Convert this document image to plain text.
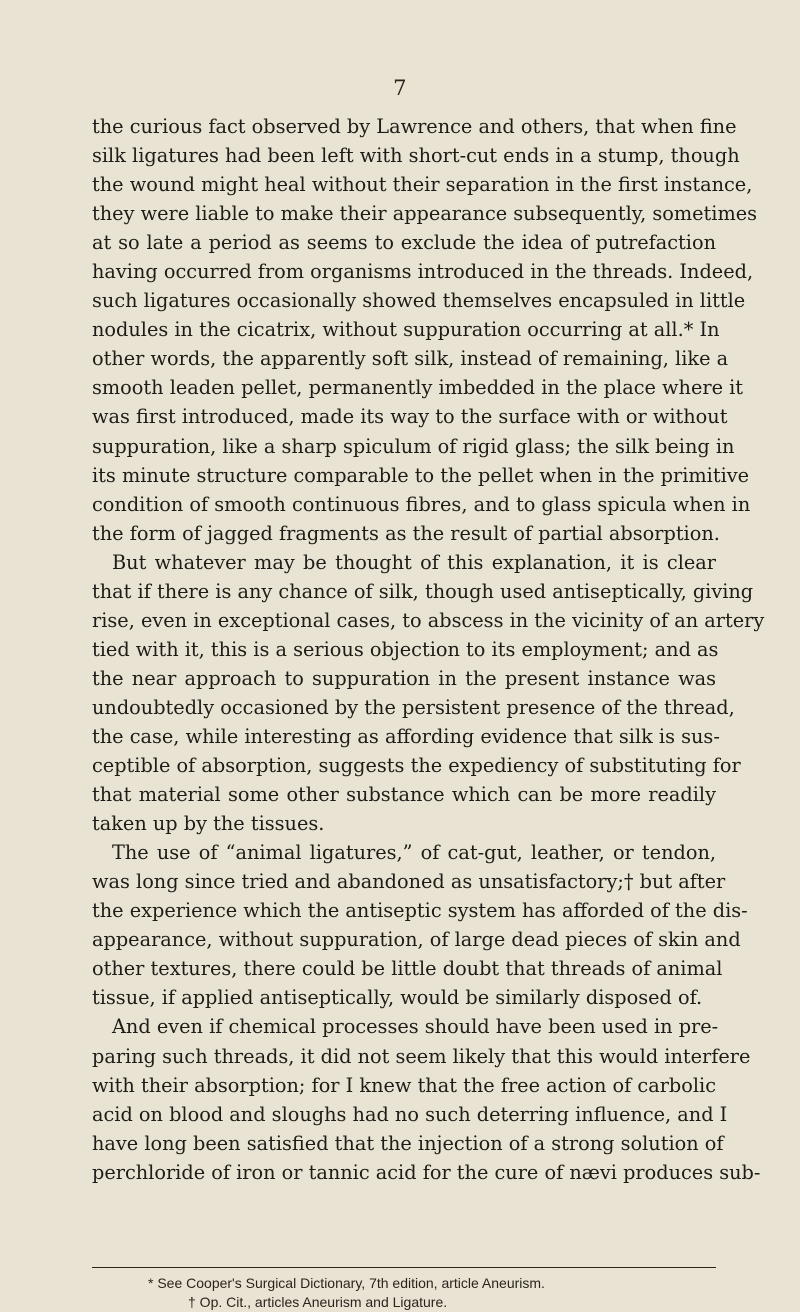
7
the curious fact observed by Lawrence and others, that when fine
silk ligatures had been left with short-cut ends in a stump, though
the wound might heal without their separation in the first instance,
they were liable to make their appearance subsequently, sometimes
at so late a period as seems to exclude the idea of putrefaction
having occurred from organisms introduced in the threads. Indeed,
such ligatures occasionally showed themselves encapsuled in little
nodules in the cicatrix, without suppuration occurring at all.* In
other words, the apparently soft silk, instead of remaining, like a
smooth leaden pellet, permanently imbedded in the place where it
was first introduced, made its way to the surface with or without
suppuration, like a sharp spiculum of rigid glass; the silk being in
its minute structure comparable to the pellet when in the primitive
condition of smooth continuous fibres, and to glass spicula when in
the form of jagged fragments as the result of partial absorption.
But whatever may be thought of this explanation, it is clear
that if there is any chance of silk, though used antiseptically, giving
rise, even in exceptional cases, to abscess in the vicinity of an artery
tied with it, this is a serious objection to its employment; and as
the near approach to suppuration in the present instance was
undoubtedly occasioned by the persistent presence of the thread,
the case, while interesting as affording evidence that silk is sus-
ceptible of absorption, suggests the expediency of substituting for
that material some other substance which can be more readily
taken up by the tissues.
The use of “animal ligatures,” of cat-gut, leather, or tendon,
was long since tried and abandoned as unsatisfactory;† but after
the experience which the antiseptic system has afforded of the dis-
appearance, without suppuration, of large dead pieces of skin and
other textures, there could be little doubt that threads of animal
tissue, if applied antiseptically, would be similarly disposed of.
And even if chemical processes should have been used in pre-
paring such threads, it did not seem likely that this would interfere
with their absorption; for I knew that the free action of carbolic
acid on blood and sloughs had no such deterring influence, and I
have long been satisfied that the injection of a strong solution of
perchloride of iron or tannic acid for the cure of nævi produces sub-
* See Cooper's Surgical Dictionary, 7th edition, article Aneurism.
† Op. Cit., articles Aneurism and Ligature.
